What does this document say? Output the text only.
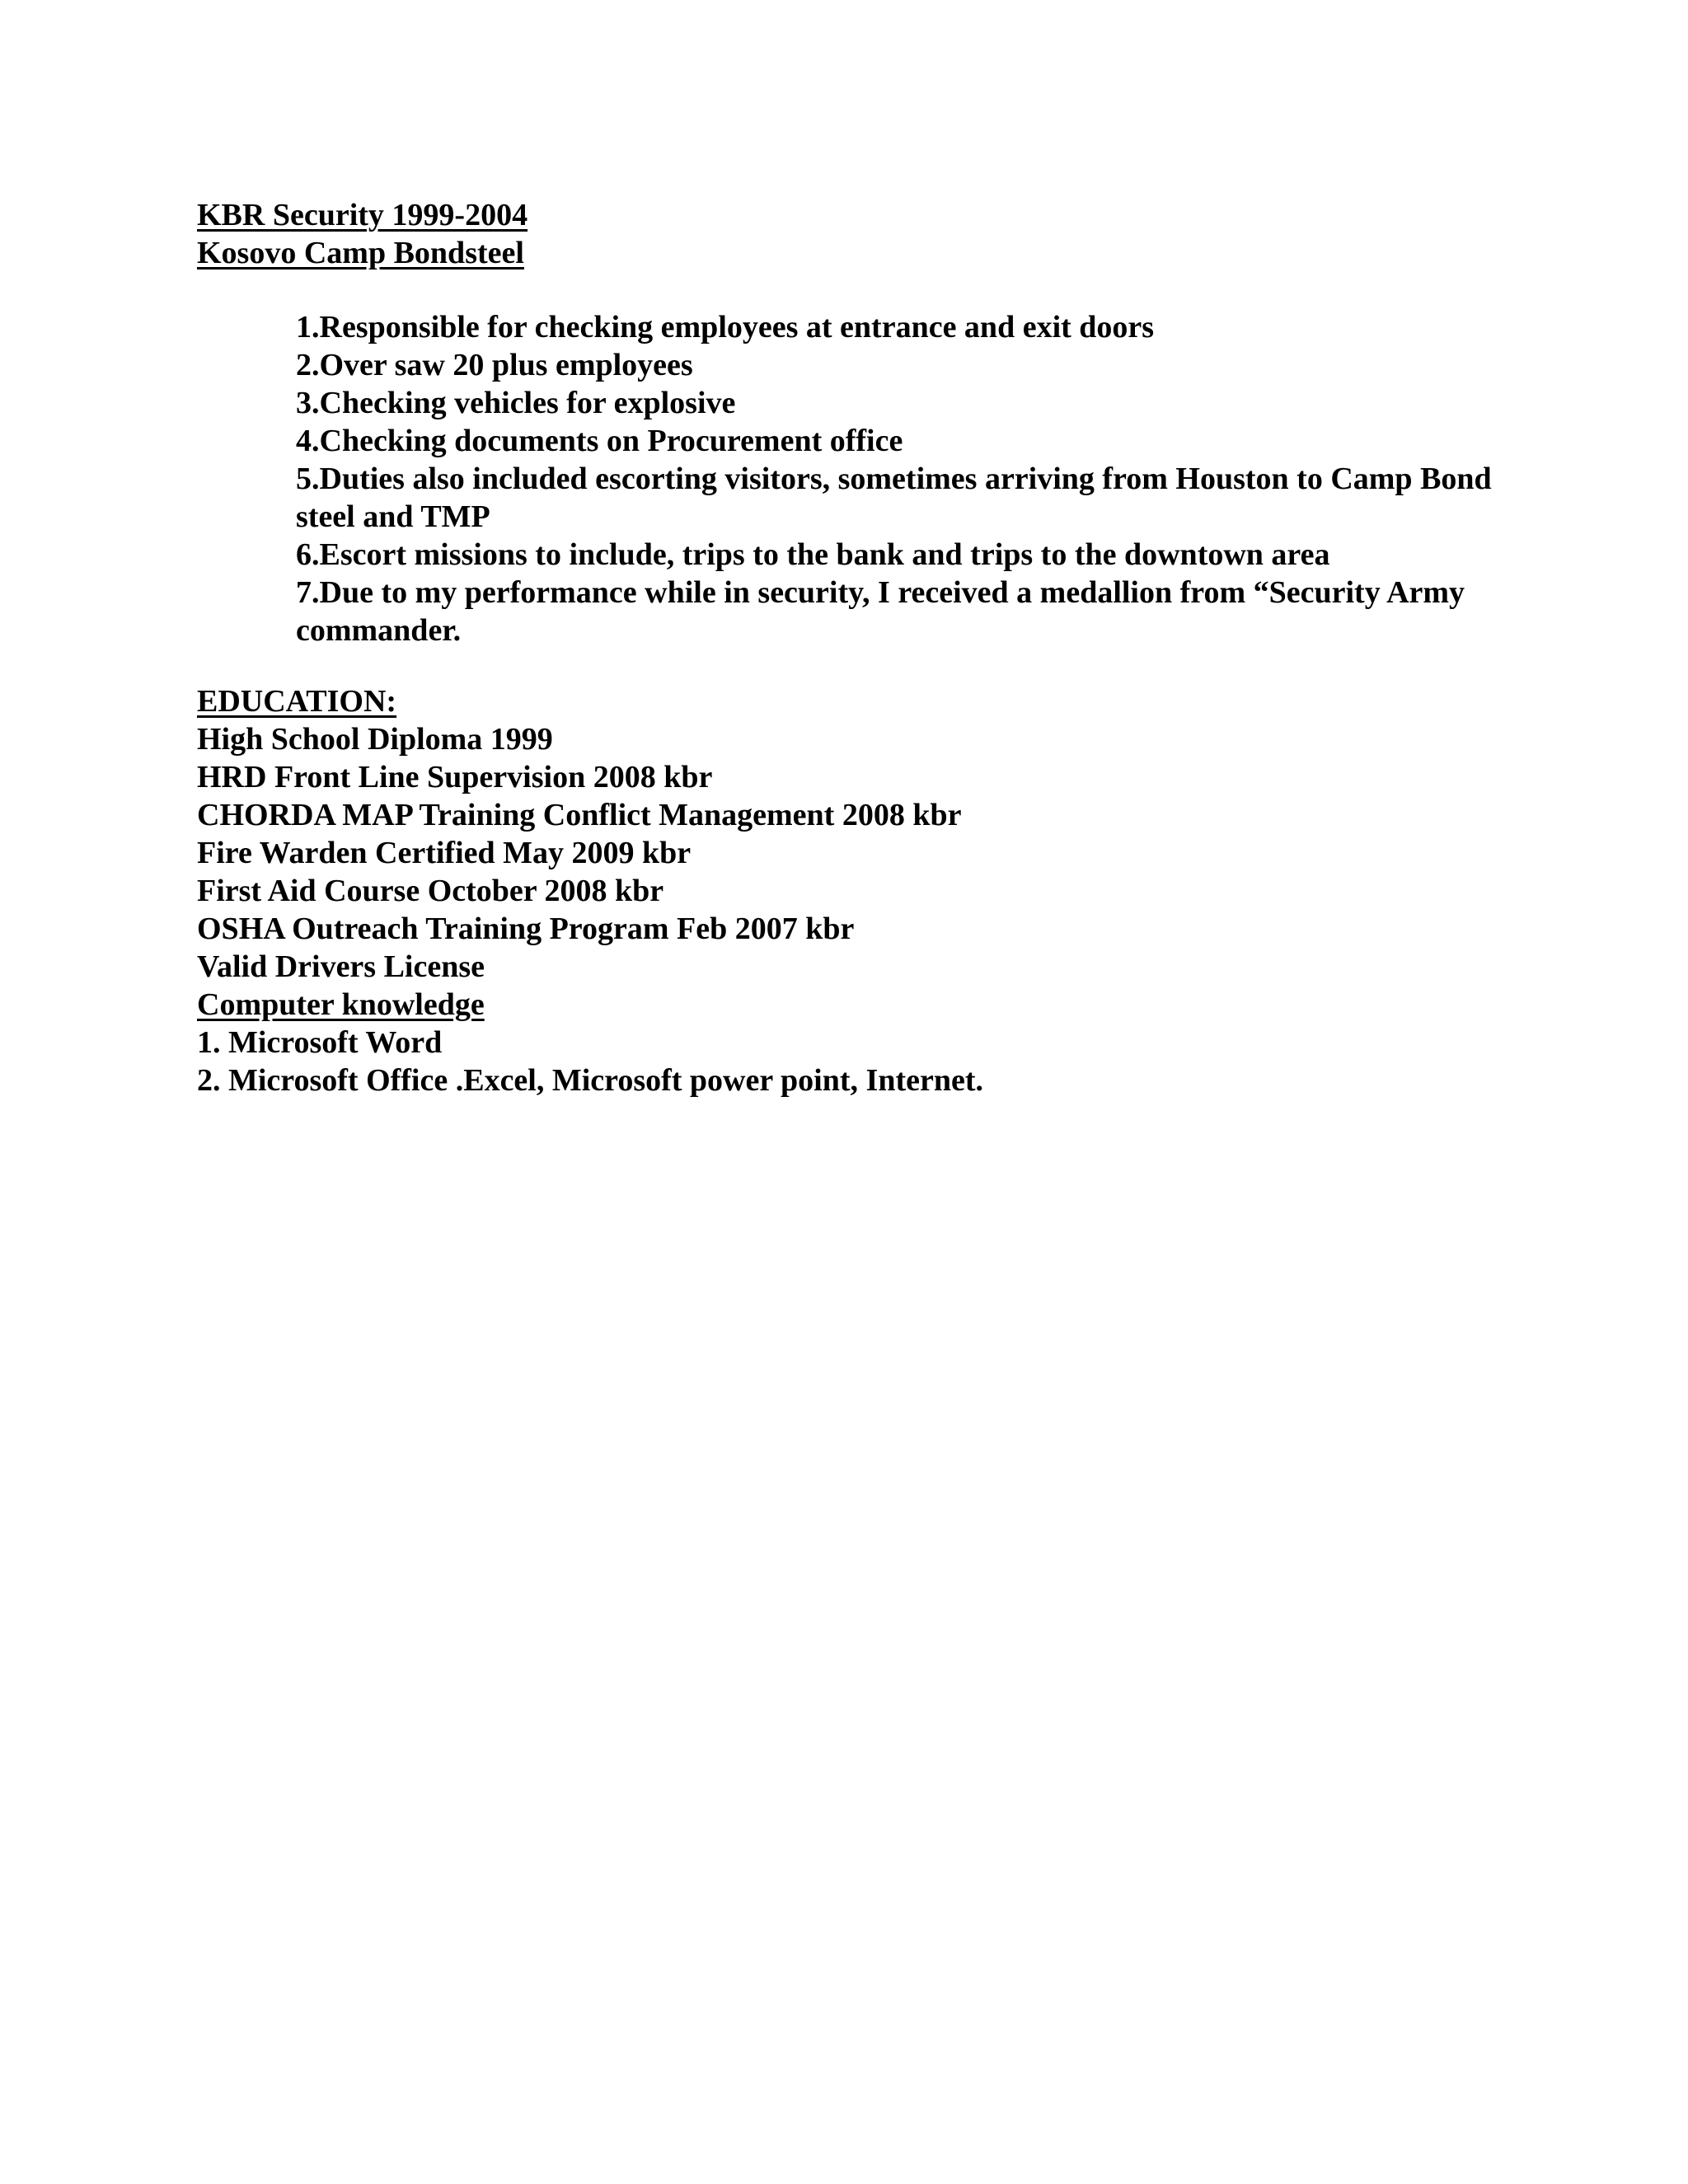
KBR Security 1999-2004
Kosovo Camp Bondsteel
1.Responsible for checking employees at entrance and exit doors
2.Over saw 20 plus employees
3.Checking vehicles for explosive
4.Checking documents on Procurement office
5.Duties also included escorting visitors, sometimes arriving from Houston to Camp Bond steel and TMP
6.Escort missions to include, trips to the bank and trips to the downtown area
7.Due to my performance while in security, I received a medallion from “Security Army commander.
EDUCATION:
High School Diploma 1999
HRD Front Line Supervision 2008 kbr
CHORDA MAP Training Conflict Management 2008 kbr
Fire Warden Certified May 2009 kbr
First Aid Course October 2008 kbr
OSHA Outreach Training Program Feb 2007 kbr
Valid Drivers License
Computer knowledge
1. Microsoft Word
2. Microsoft Office .Excel, Microsoft power point, Internet.
